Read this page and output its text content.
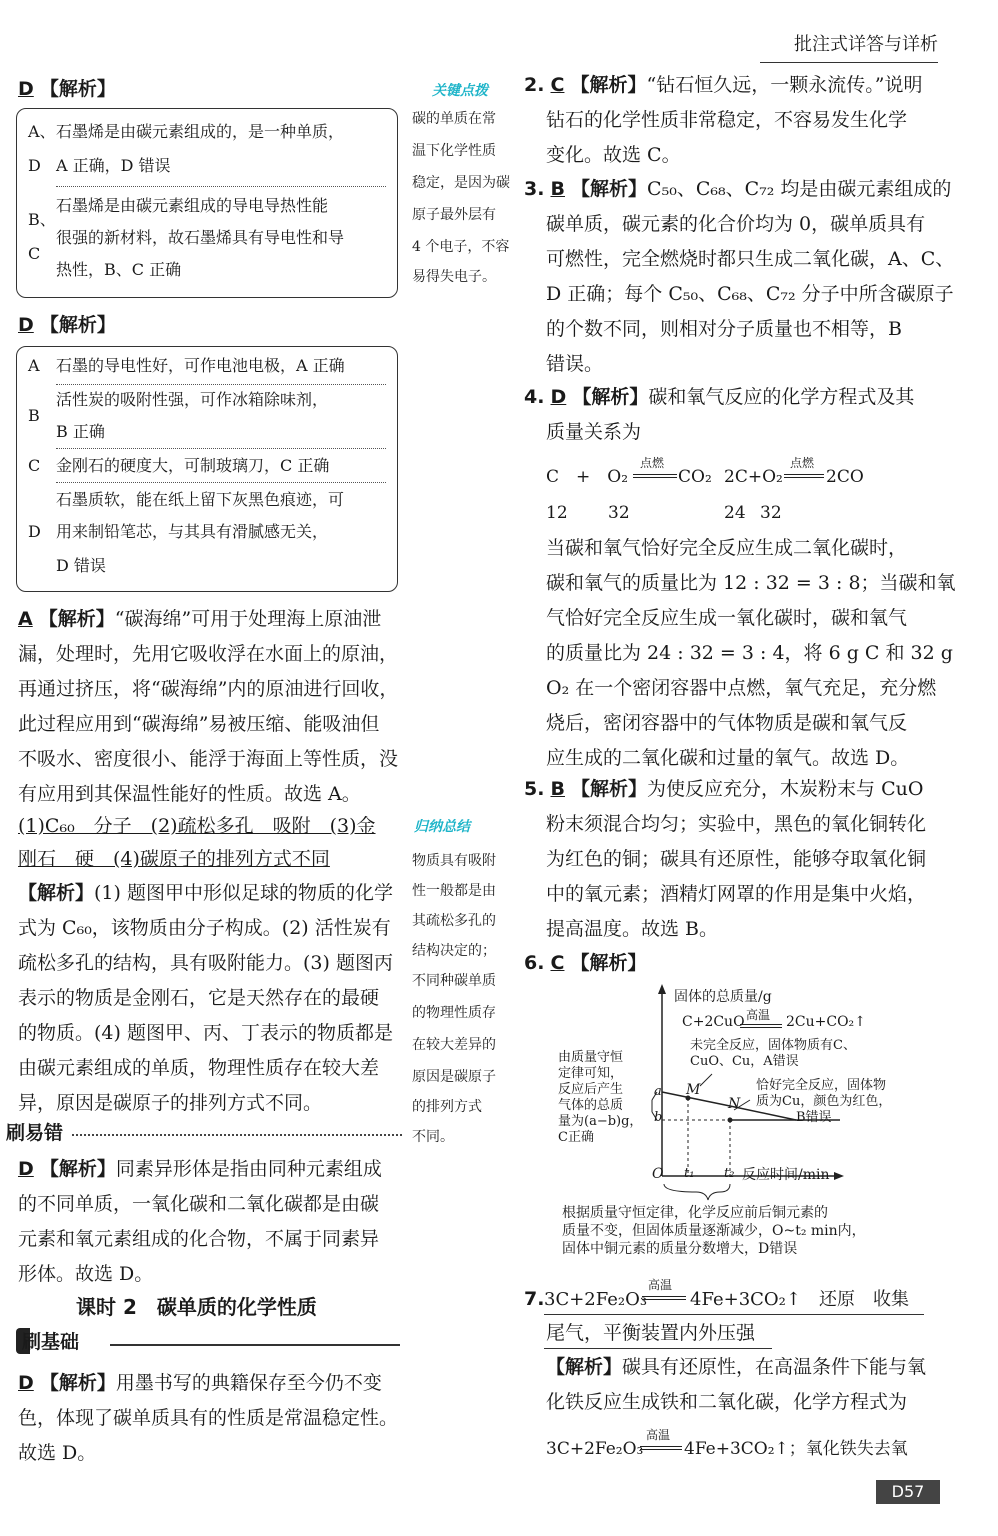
批注式详答与详析
D 【解析】
A、 石墨烯是由碳元素组成的，是一种单质，
D A 正确，D 错误
B、
C
石墨烯是由碳元素组成的导电导热性能
很强的新材料，故石墨烯具有导电性和导
热性，B、C 正确
D 【解析】
A 石墨的导电性好，可作电池电极，A 正确
B
活性炭的吸附性强，可作冰箱除味剂，
B 正确
C 金刚石的硬度大，可制玻璃刀，C 正确
D
石墨质软，能在纸上留下灰黑色痕迹，可
用来制铅笔芯，与其具有滑腻感无关，
D 错误
A 【解析】“碳海绵”可用于处理海上原油泄
漏，处理时，先用它吸收浮在水面上的原油，
再通过挤压，将“碳海绵”内的原油进行回收，
此过程应用到“碳海绵”易被压缩、能吸油但
不吸水、密度很小、能浮于海面上等性质，没
有应用到其保温性能好的性质。故选 A。
(1)C₆₀　分子　(2)疏松多孔　吸附　(3)金
刚石　硬　(4)碳原子的排列方式不同
【解析】(1) 题图甲中形似足球的物质的化学
式为 C₆₀，该物质由分子构成。(2) 活性炭有
疏松多孔的结构，具有吸附能力。(3) 题图丙
表示的物质是金刚石，它是天然存在的最硬
的物质。(4) 题图甲、丙、丁表示的物质都是
由碳元素组成的单质，物理性质存在较大差
异，原因是碳原子的排列方式不同。
刷易错
D 【解析】同素异形体是指由同种元素组成
的不同单质，一氧化碳和二氧化碳都是由碳
元素和氧元素组成的化合物，不属于同素异
形体。故选 D。
课时 2　碳单质的化学性质
刷基础
D 【解析】用墨书写的典籍保存至今仍不变
色，体现了碳单质具有的性质是常温稳定性。
故选 D。
关键点拨
碳的单质在常
温下化学性质
稳定，是因为碳
原子最外层有
4 个电子，不容
易得失电子。
归纳总结
物质具有吸附
性一般都是由
其疏松多孔的
结构决定的；
不同种碳单质
的物理性质存
在较大差异的
原因是碳原子
的排列方式
不同。
2. C 【解析】“钻石恒久远，一颗永流传。”说明
钻石的化学性质非常稳定，不容易发生化学
变化。故选 C。
3. B 【解析】C₅₀、C₆₈、C₇₂ 均是由碳元素组成的
碳单质，碳元素的化合价均为 0，碳单质具有
可燃性，完全燃烧时都只生成二氧化碳，A、C、
D 正确；每个 C₅₀、C₆₈、C₇₂ 分子中所含碳原子
的个数不同，则相对分子质量也不相等，B
错误。
4. D 【解析】碳和氧气反应的化学方程式及其
质量关系为
C　+　O₂
点燃
CO₂ 2C+O₂
点燃
2CO
12 32	24 32
当碳和氧气恰好完全反应生成二氧化碳时，
碳和氧气的质量比为 12 : 32 = 3 : 8；当碳和氧
气恰好完全反应生成一氧化碳时，碳和氧气
的质量比为 24 : 32 = 3 : 4，将 6 g C 和 32 g
O₂ 在一个密闭容器中点燃，氧气充足，充分燃
烧后，密闭容器中的气体物质是碳和氧气反
应生成的二氧化碳和过量的氧气。故选 D。
5. B 【解析】为使反应充分，木炭粉末与 CuO
粉末须混合均匀；实验中，黑色的氧化铜转化
为红色的铜；碳具有还原性，能够夺取氧化铜
中的氧元素；酒精灯网罩的作用是集中火焰，
提高温度。故选 B。
6. C 【解析】
固体的总质量/g
反应时间/min
C+2CuO 高温 2Cu+CO₂↑
未完全反应，固体物质有C、
CuO、Cu，A错误
恰好完全反应，固体物
质为Cu，颜色为红色，
B错误
由质量守恒
定律可知，
反应后产生
气体的总质
量为(a−b)g，
C正确
O
a
b
t₁ t₂
M
N
根据质量守恒定律，化学反应前后铜元素的
质量不变，但固体质量逐渐减少，O~t₂ min内，
固体中铜元素的质量分数增大，D错误
7. 3C+2Fe₂O₃
高温
4Fe+3CO₂↑　还原　收集
尾气，平衡装置内外压强
【解析】碳具有还原性，在高温条件下能与氧
化铁反应生成铁和二氧化碳，化学方程式为
3C+2Fe₂O₃
高温
4Fe+3CO₂↑；氧化铁失去氧
D57
